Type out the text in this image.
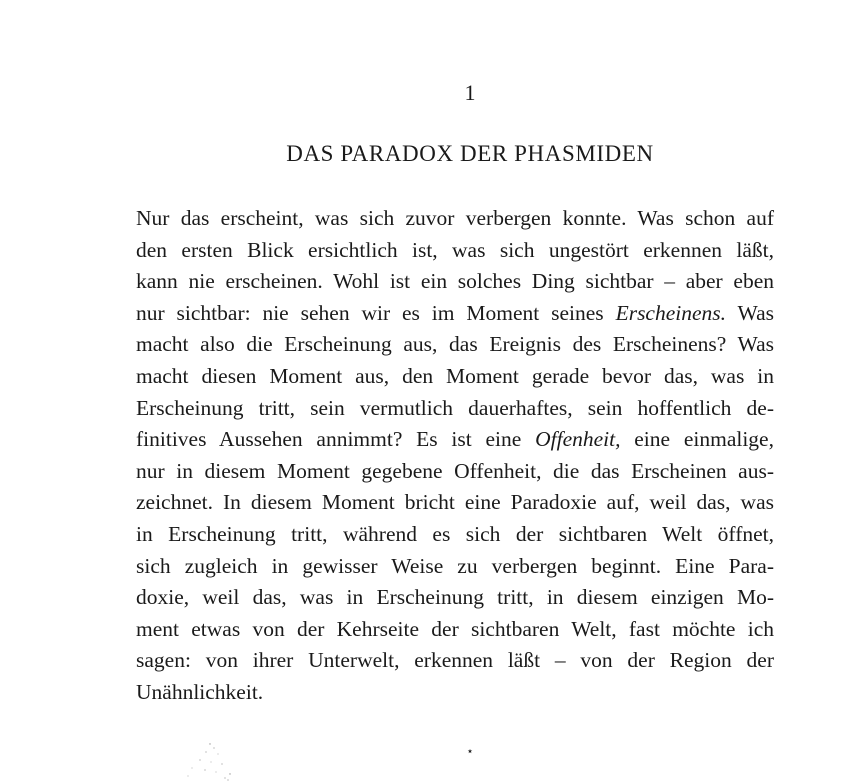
1
DAS PARADOX DER PHASMIDEN
Nur das erscheint, was sich zuvor verbergen konnte. Was schon auf
den ersten Blick ersichtlich ist, was sich ungestört erkennen läßt,
kann nie erscheinen. Wohl ist ein solches Ding sichtbar – aber eben
nur sichtbar: nie sehen wir es im Moment seines Erscheinens. Was
macht also die Erscheinung aus, das Ereignis des Erscheinens? Was
macht diesen Moment aus, den Moment gerade bevor das, was in
Erscheinung tritt, sein vermutlich dauerhaftes, sein hoffentlich de-
finitives Aussehen annimmt? Es ist eine Offenheit, eine einmalige,
nur in diesem Moment gegebene Offenheit, die das Erscheinen aus-
zeichnet. In diesem Moment bricht eine Paradoxie auf, weil das, was
in Erscheinung tritt, während es sich der sichtbaren Welt öffnet,
sich zugleich in gewisser Weise zu verbergen beginnt. Eine Para-
doxie, weil das, was in Erscheinung tritt, in diesem einzigen Mo-
ment etwas von der Kehrseite der sichtbaren Welt, fast möchte ich
sagen: von ihrer Unterwelt, erkennen läßt – von der Region der
Unähnlichkeit.
⋆
